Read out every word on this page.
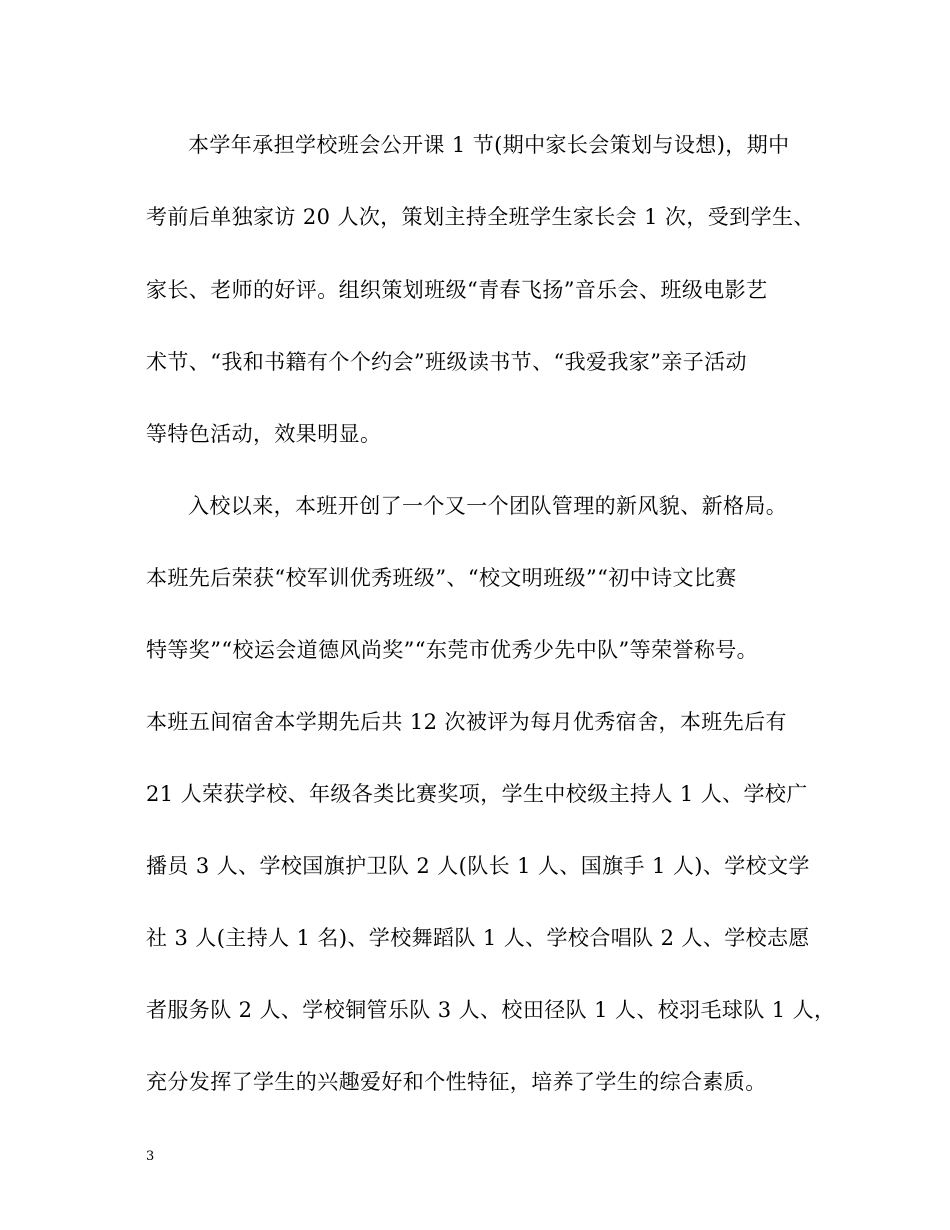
本学年承担学校班会公开课 1 节(期中家长会策划与设想)，期中
考前后单独家访 20 人次，策划主持全班学生家长会 1 次，受到学生、
家长、老师的好评。组织策划班级“青春飞扬”音乐会、班级电影艺
术节、“我和书籍有个个约会”班级读书节、“我爱我家”亲子活动
等特色活动，效果明显。
入校以来，本班开创了一个又一个团队管理的新风貌、新格局。
本班先后荣获“校军训优秀班级”、“校文明班级”“初中诗文比赛
特等奖”“校运会道德风尚奖”“东莞市优秀少先中队”等荣誉称号。
本班五间宿舍本学期先后共 12 次被评为每月优秀宿舍，本班先后有
21 人荣获学校、年级各类比赛奖项，学生中校级主持人 1 人、学校广
播员 3 人、学校国旗护卫队 2 人(队长 1 人、国旗手 1 人)、学校文学
社 3 人(主持人 1 名)、学校舞蹈队 1 人、学校合唱队 2 人、学校志愿
者服务队 2 人、学校铜管乐队 3 人、校田径队 1 人、校羽毛球队 1 人，
充分发挥了学生的兴趣爱好和个性特征，培养了学生的综合素质。
3
